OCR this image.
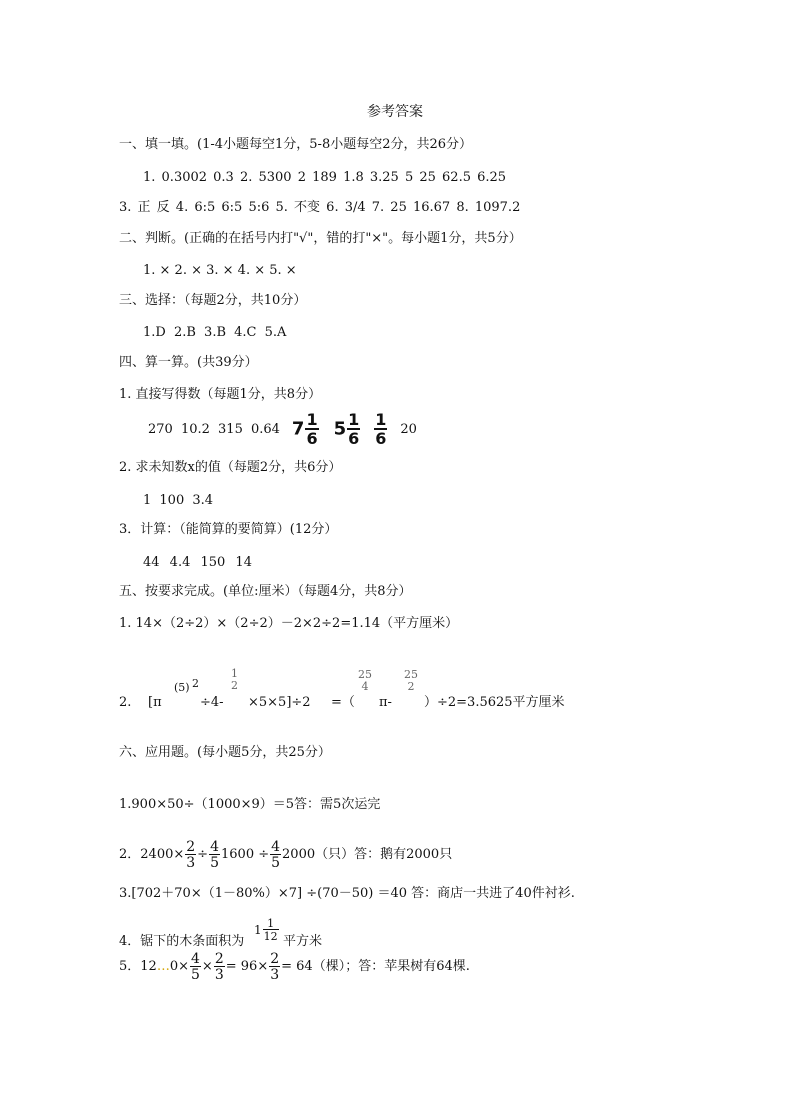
参考答案
一、填一填。(1-4小题每空1分，5-8小题每空2分，共26分）
1. 0.3002 0.3 2. 5300 2 189 1.8 3.25 5 25 62.5 6.25
3. 正 反 4. 6:5 6:5 5:6 5. 不变 6. 3/4 7. 25 16.67 8. 1097.2
二、判断。(正确的在括号内打"√"，错的打"×"。每小题1分，共5分）
1. × 2. × 3. × 4. × 5. ×
三、选择：（每题2分，共10分）
1.D 2.B 3.B 4.C 5.A
四、算一算。(共39分）
1. 直接写得数（每题1分，共8分）
270 10.2 315 0.64 $7 \frac{1}{6} 5 \frac{1}{6} \frac{1}{6} 20$
2. 求未知数x的值（每题2分，共6分）
1 100 3.4
3．计算：（能简算的要简算）(12分）
44 4.4 150 14
五、按要求完成。(单位:厘米）（每题4分，共8分）
1. 14×（2÷2）×（2÷2）－2×2÷2=1.14（平方厘米）
2. [π
(5) 2
÷4-
1
2
×5×5]÷2 =（
25
4
π-
25
2
）÷2=3.5625平方厘米
六、应用题。(每小题5分，共25分）
1.900×50÷（1000×9）＝5答：需5次运完
2．$2400\times \frac{2}{3} \div \frac{4}{5} 1600 \div \frac{4}{5} 2000$（只）答：鹅有2000只
3.[702＋70×（1－80%）×7] ÷(70－50) ＝40 答：商店一共进了40件衬衫.
4．锯下的木条面积为
$1 \frac{1}{12}$ 平方米
5．12 … $0\times \frac{4}{5} \times \frac{2}{3} = 96\times \frac{2}{3} = 64$（棵）；答：苹果树有64棵.
